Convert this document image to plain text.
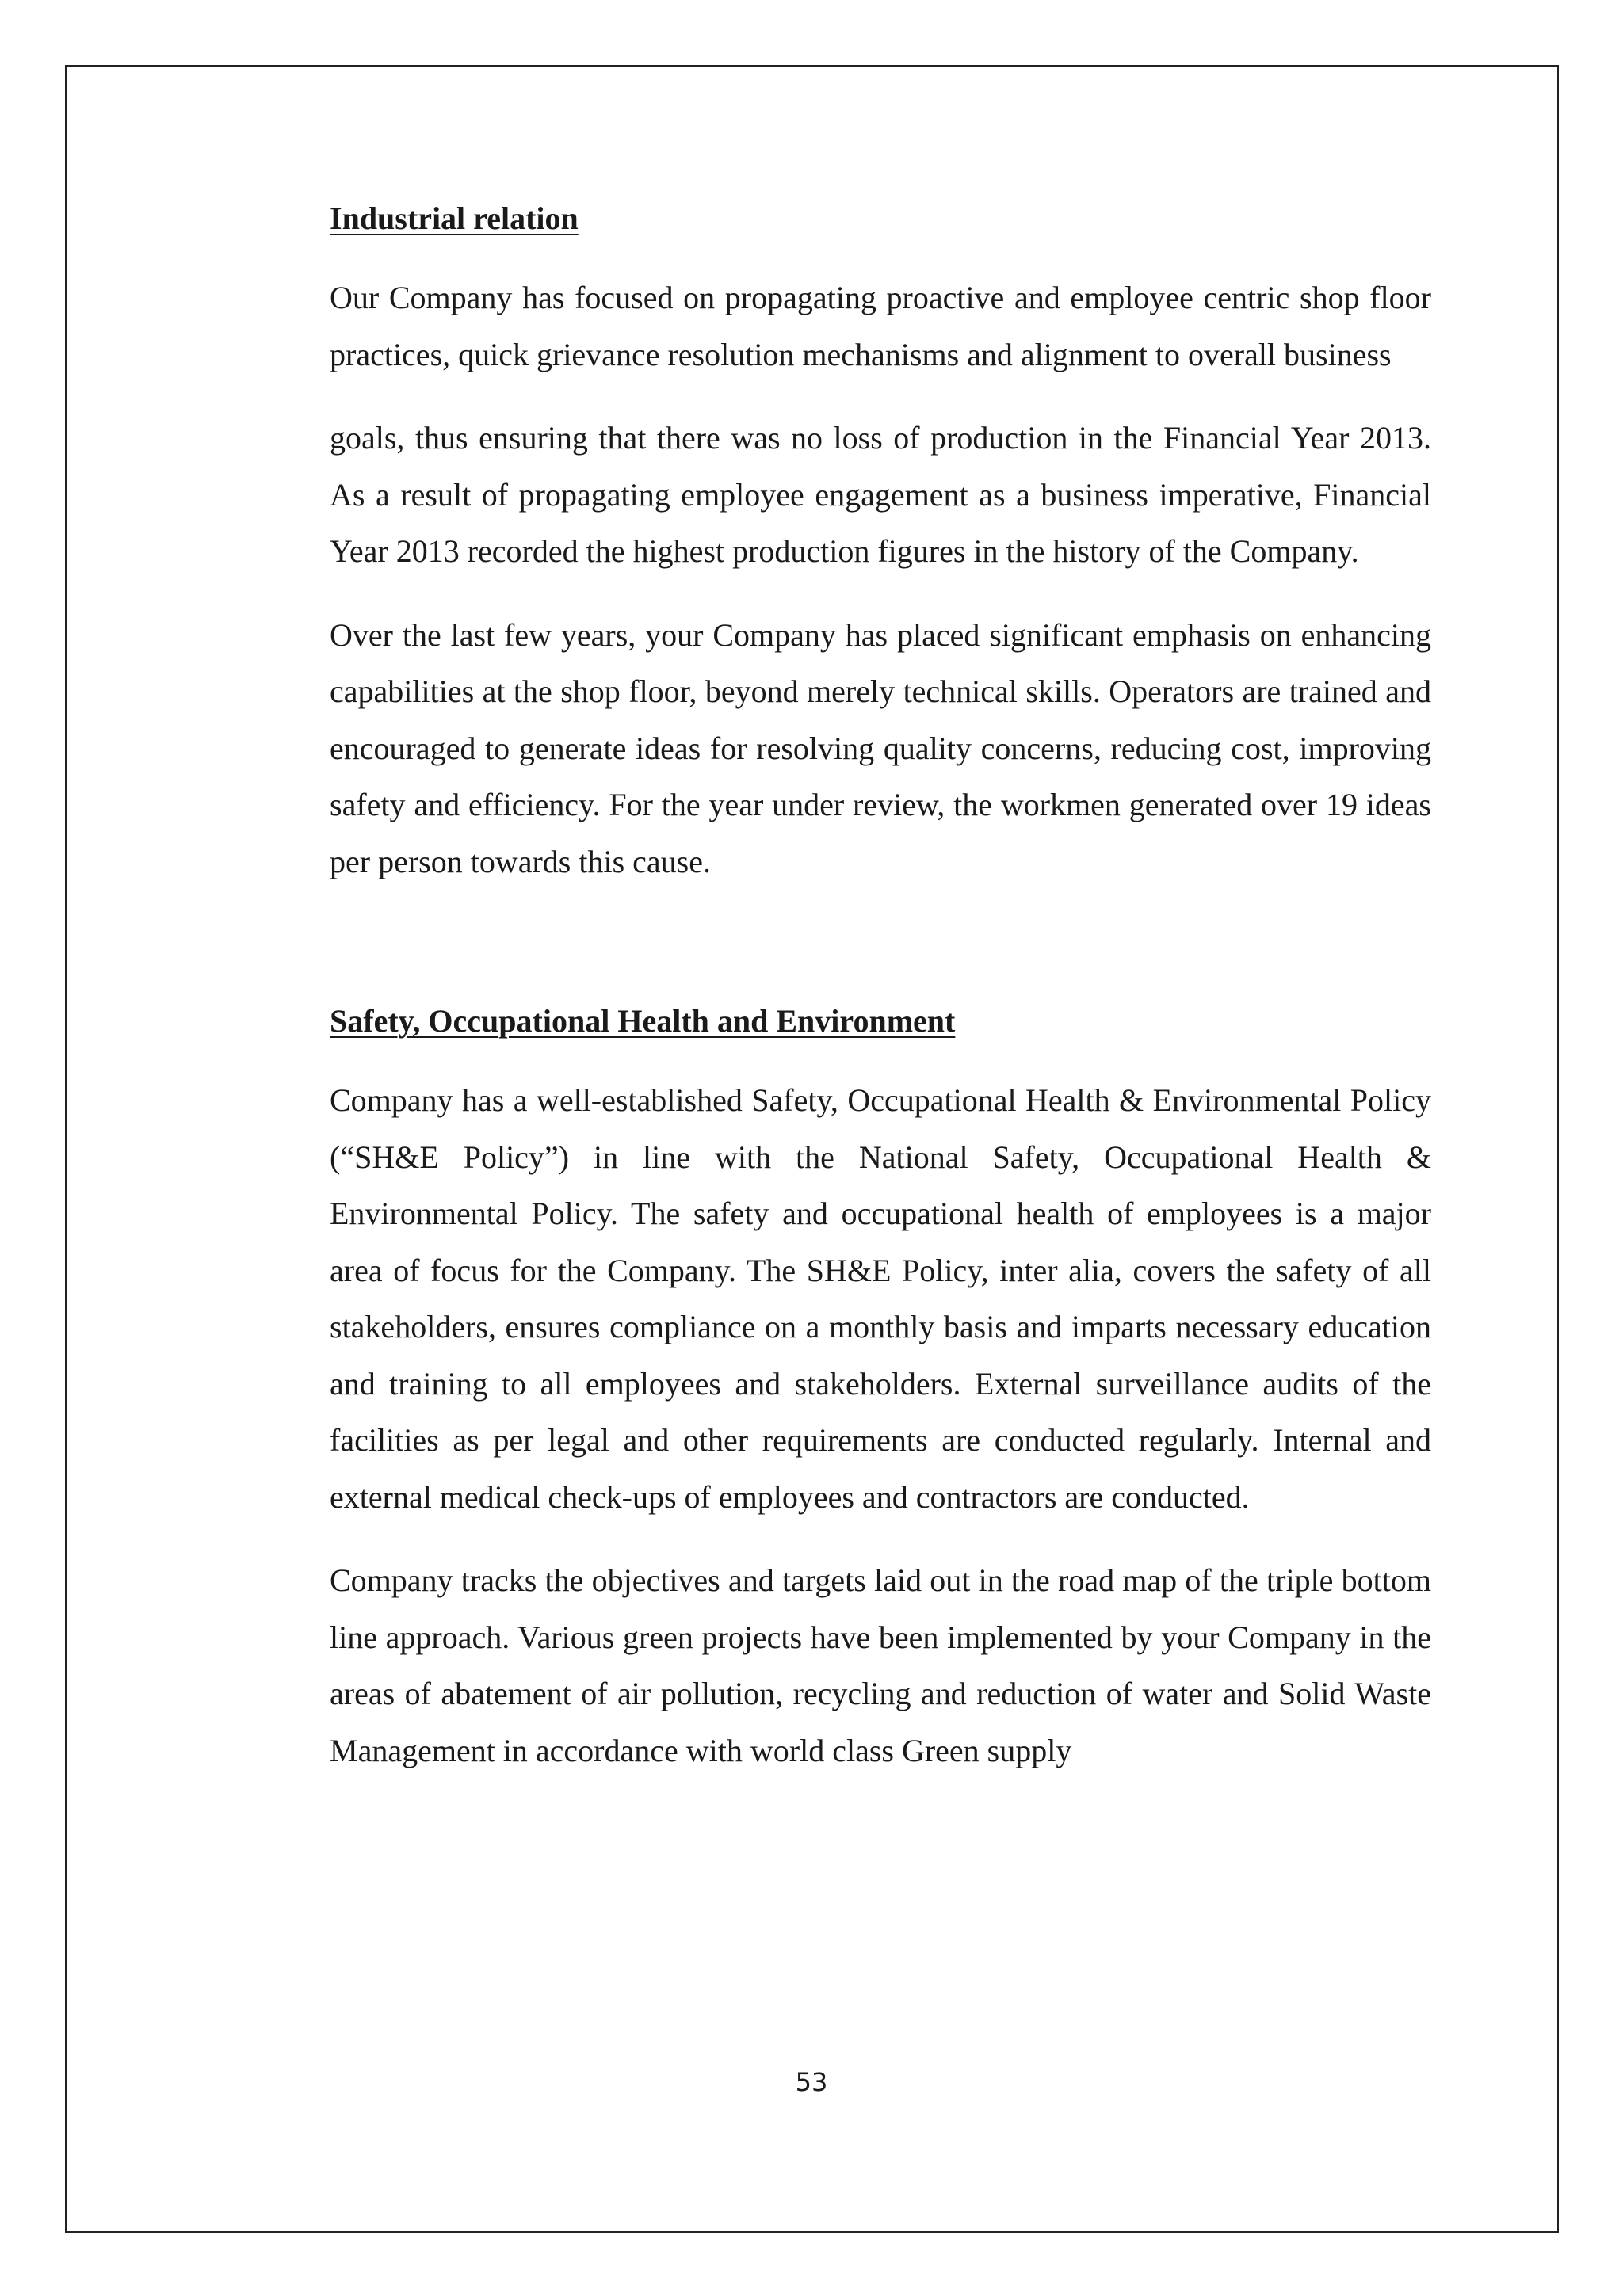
Industrial relation

Our Company has focused on propagating proactive and employee centric shop floor practices, quick grievance resolution mechanisms and alignment to overall business

goals, thus ensuring that there was no loss of production in the Financial Year 2013. As a result of propagating employee engagement as a business imperative, Financial Year 2013 recorded the highest production figures in the history of the Company.

Over the last few years, your Company has placed significant emphasis on enhancing capabilities at the shop floor, beyond merely technical skills. Operators are trained and encouraged to generate ideas for resolving quality concerns, reducing cost, improving safety and efficiency. For the year under review, the workmen generated over 19 ideas per person towards this cause.

Safety, Occupational Health and Environment

Company has a well-established Safety, Occupational Health & Environmental Policy (“SH&E Policy”) in line with the National Safety, Occupational Health & Environmental Policy. The safety and occupational health of employees is a major area of focus for the Company. The SH&E Policy, inter alia, covers the safety of all stakeholders, ensures compliance on a monthly basis and imparts necessary education and training to all employees and stakeholders. External surveillance audits of the facilities as per legal and other requirements are conducted regularly. Internal and external medical check-ups of employees and contractors are conducted.

Company tracks the objectives and targets laid out in the road map of the triple bottom line approach. Various green projects have been implemented by your Company in the areas of abatement of air pollution, recycling and reduction of water and Solid Waste Management in accordance with world class Green supply

53
